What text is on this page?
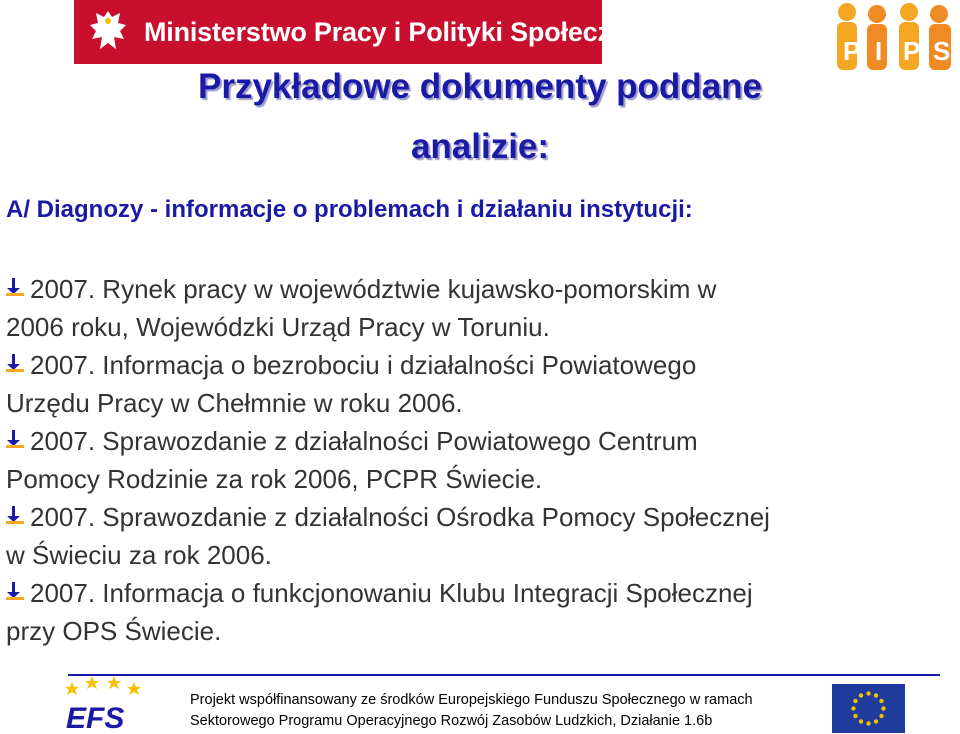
Ministerstwo Pracy i Polityki Społecznej
P I P S
Przykładowe dokumenty poddane
analizie:
A/ Diagnozy - informacje o problemach i działaniu instytucji:
2007. Rynek pracy w województwie kujawsko-pomorskim w
2006 roku, Wojewódzki Urząd Pracy w Toruniu.
2007. Informacja o bezrobociu i działalności Powiatowego
Urzędu Pracy w Chełmnie w roku 2006.
2007. Sprawozdanie z działalności Powiatowego Centrum
Pomocy Rodzinie za rok 2006, PCPR Świecie.
2007. Sprawozdanie z działalności Ośrodka Pomocy Społecznej
w Świeciu za rok 2006.
2007. Informacja o funkcjonowaniu Klubu Integracji Społecznej
przy OPS Świecie.
EFS
Projekt współfinansowany ze środków Europejskiego Funduszu Społecznego w ramach
Sektorowego Programu Operacyjnego Rozwój Zasobów Ludzkich, Działanie 1.6b
